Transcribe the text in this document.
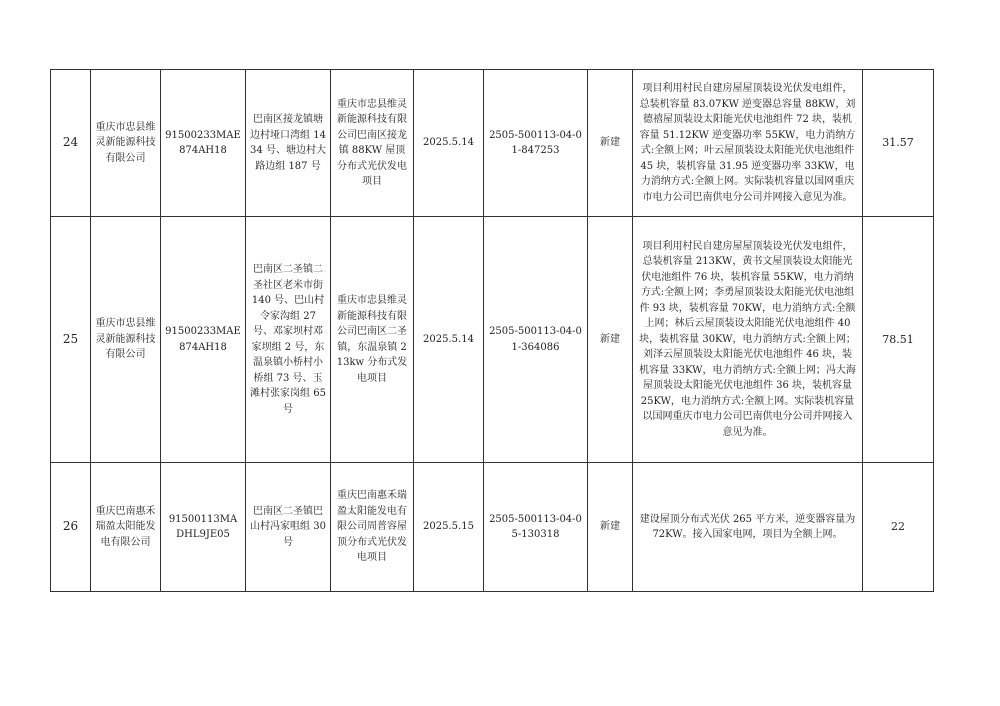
24	重庆市忠县维灵新能源科技有限公司	91500233MAE874AH18	巴南区接龙镇塘边村垭口湾组 1434 号、塘边村大路边组 187 号	重庆市忠县维灵新能源科技有限公司巴南区接龙镇 88KW 屋顶分布式光伏发电项目	2025.5.14	2505-500113-04-01-847253	新建	项目利用村民自建房屋屋顶装设光伏发电组件，总装机容量 83.07KW 逆变器总容量 88KW，刘德禧屋顶装设太阳能光伏电池组件 72 块，装机容量 51.12KW 逆变器功率 55KW，电力消纳方式:全额上网；叶云屋顶装设太阳能光伏电池组件 45 块，装机容量 31.95 逆变器功率 33KW，电力消纳方式:全额上网。实际装机容量以国网重庆市电力公司巴南供电分公司并网接入意见为准。	31.57
25	重庆市忠县维灵新能源科技有限公司	91500233MAE874AH18	巴南区二圣镇二圣社区老米市街 140 号、巴山村令家沟组 27 号、邓家坝村邓家坝组 2 号，东温泉镇小桥村小桥组 73 号、玉滩村张家岗组 65 号	重庆市忠县维灵新能源科技有限公司巴南区二圣镇，东温泉镇 213kw 分布式发电项目	2025.5.14	2505-500113-04-01-364086	新建	项目利用村民自建房屋屋顶装设光伏发电组件，总装机容量 213KW，黄书文屋顶装设太阳能光伏电池组件 76 块，装机容量 55KW，电力消纳方式:全额上网；李勇屋顶装设太阳能光伏电池组件 93 块，装机容量 70KW，电力消纳方式:全额上网；林后云屋顶装设太阳能光伏电池组件 40 块，装机容量 30KW，电力消纳方式:全额上网；刘泽云屋顶装设太阳能光伏电池组件 46 块，装机容量 33KW，电力消纳方式:全额上网；冯大海屋顶装设太阳能光伏电池组件 36 块，装机容量 25KW，电力消纳方式:全额上网。实际装机容量以国网重庆市电力公司巴南供电分公司并网接入意见为准。	78.51
26	重庆巴南惠禾瑞盈太阳能发电有限公司	91500113MADHL9JE05	巴南区二圣镇巴山村冯家咀组 30 号	重庆巴南惠禾瑞盈太阳能发电有限公司周普容屋顶分布式光伏发电项目	2025.5.15	2505-500113-04-05-130318	新建	建设屋顶分布式光伏 265 平方米，逆变器容量为 72KW。接入国家电网，项目为全额上网。	22
